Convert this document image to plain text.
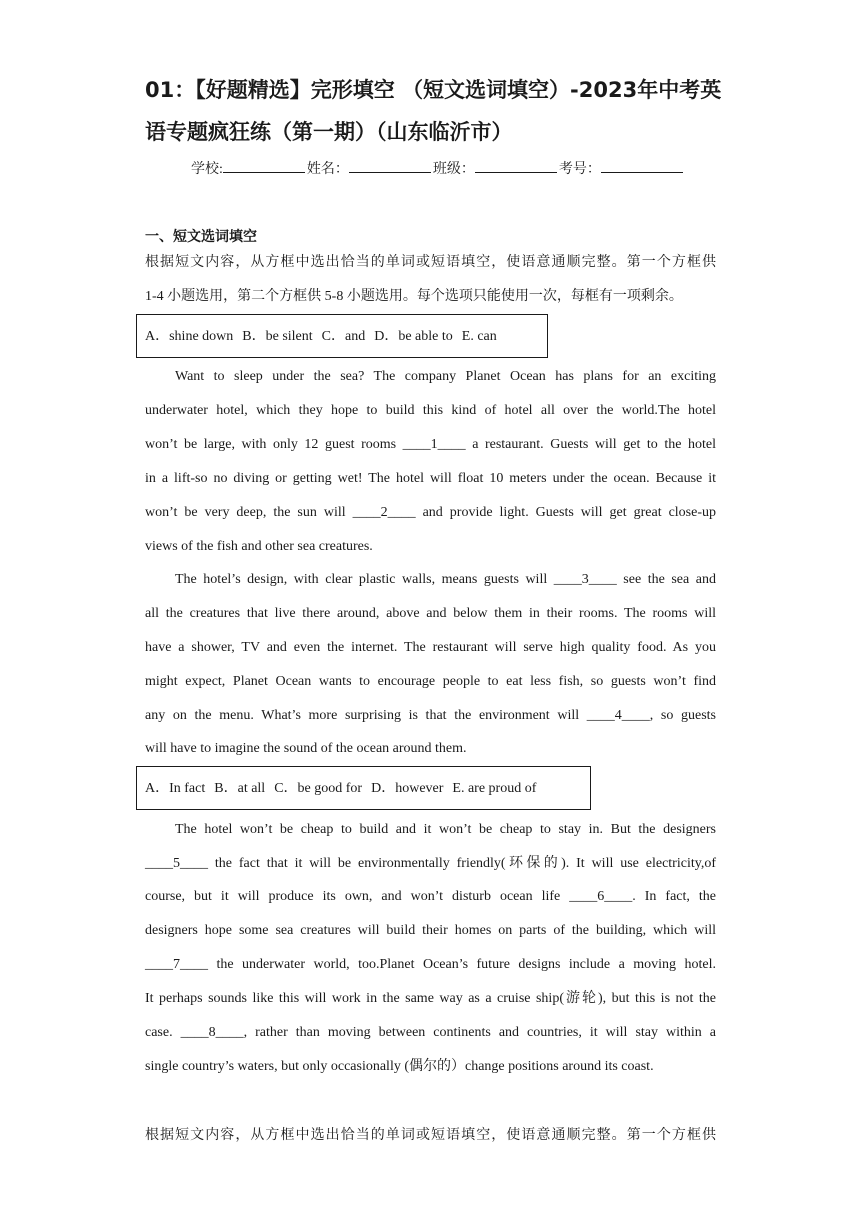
01：【好题精选】完形填空 （短文选词填空）-2023年中考英
语专题疯狂练（第一期）（山东临沂市）
学校:	姓名：	班级：	考号：
一、短文选词填空
根据短文内容，从方框中选出恰当的单词或短语填空，使语意通顺完整。第一个方框供
1-4 小题选用，第二个方框供 5-8 小题选用。每个选项只能使用一次，每框有一项剩余。
A．shine down B．be silent C．and D．be able to E. can
Want to sleep under the sea? The company Planet Ocean has plans for an exciting
underwater hotel, which they hope to build this kind of hotel all over the world.The hotel
won’t be large, with only 12 guest rooms ____1____ a restaurant. Guests will get to the hotel
in a lift-so no diving or getting wet! The hotel will float 10 meters under the ocean. Because it
won’t be very deep, the sun will ____2____ and provide light. Guests will get great close-up
views of the fish and other sea creatures.
The hotel’s design, with clear plastic walls, means guests will ____3____ see the sea and
all the creatures that live there around, above and below them in their rooms. The rooms will
have a shower, TV and even the internet. The restaurant will serve high quality food. As you
might expect, Planet Ocean wants to encourage people to eat less fish, so guests won’t find
any on the menu. What’s more surprising is that the environment will ____4____, so guests
will have to imagine the sound of the ocean around them.
A．In fact B．at all C．be good for D．however E. are proud of
The hotel won’t be cheap to build and it won’t be cheap to stay in. But the designers
____5____ the fact that it will be environmentally friendly(环保的). It will use electricity,of
course, but it will produce its own, and won’t disturb ocean life ____6____. In fact, the
designers hope some sea creatures will build their homes on parts of the building, which will
____7____ the underwater world, too.Planet Ocean’s future designs include a moving hotel.
It perhaps sounds like this will work in the same way as a cruise ship(游轮), but this is not the
case. ____8____, rather than moving between continents and countries, it will stay within a
single country’s waters, but only occasionally (偶尔的）change positions around its coast.
根据短文内容，从方框中选出恰当的单词或短语填空，使语意通顺完整。第一个方框供
